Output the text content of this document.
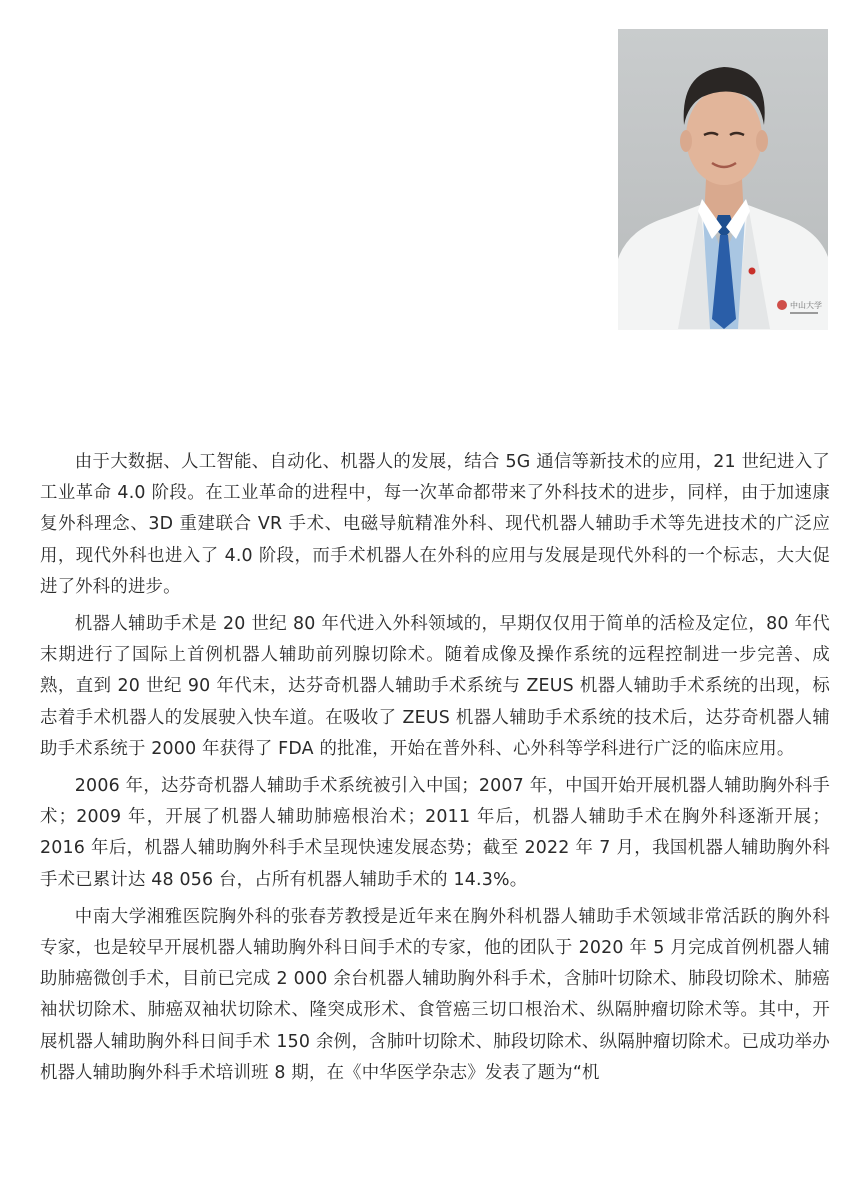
中山大学

由于大数据、人工智能、自动化、机器人的发展，结合 5G 通信等新技术的应用，21 世纪进入了工业革命 4.0 阶段。在工业革命的进程中，每一次革命都带来了外科技术的进步，同样，由于加速康复外科理念、3D 重建联合 VR 手术、电磁导航精准外科、现代机器人辅助手术等先进技术的广泛应用，现代外科也进入了 4.0 阶段，而手术机器人在外科的应用与发展是现代外科的一个标志，大大促进了外科的进步。

机器人辅助手术是 20 世纪 80 年代进入外科领域的，早期仅仅用于简单的活检及定位，80 年代末期进行了国际上首例机器人辅助前列腺切除术。随着成像及操作系统的远程控制进一步完善、成熟，直到 20 世纪 90 年代末，达芬奇机器人辅助手术系统与 ZEUS 机器人辅助手术系统的出现，标志着手术机器人的发展驶入快车道。在吸收了 ZEUS 机器人辅助手术系统的技术后，达芬奇机器人辅助手术系统于 2000 年获得了 FDA 的批准，开始在普外科、心外科等学科进行广泛的临床应用。

2006 年，达芬奇机器人辅助手术系统被引入中国；2007 年，中国开始开展机器人辅助胸外科手术；2009 年，开展了机器人辅助肺癌根治术；2011 年后，机器人辅助手术在胸外科逐渐开展；2016 年后，机器人辅助胸外科手术呈现快速发展态势；截至 2022 年 7 月，我国机器人辅助胸外科手术已累计达 48 056 台，占所有机器人辅助手术的 14.3%。

中南大学湘雅医院胸外科的张春芳教授是近年来在胸外科机器人辅助手术领域非常活跃的胸外科专家，也是较早开展机器人辅助胸外科日间手术的专家，他的团队于 2020 年 5 月完成首例机器人辅助肺癌微创手术，目前已完成 2 000 余台机器人辅助胸外科手术，含肺叶切除术、肺段切除术、肺癌袖状切除术、肺癌双袖状切除术、隆突成形术、食管癌三切口根治术、纵隔肿瘤切除术等。其中，开展机器人辅助胸外科日间手术 150 余例，含肺叶切除术、肺段切除术、纵隔肿瘤切除术。已成功举办机器人辅助胸外科手术培训班 8 期，在《中华医学杂志》发表了题为“机
